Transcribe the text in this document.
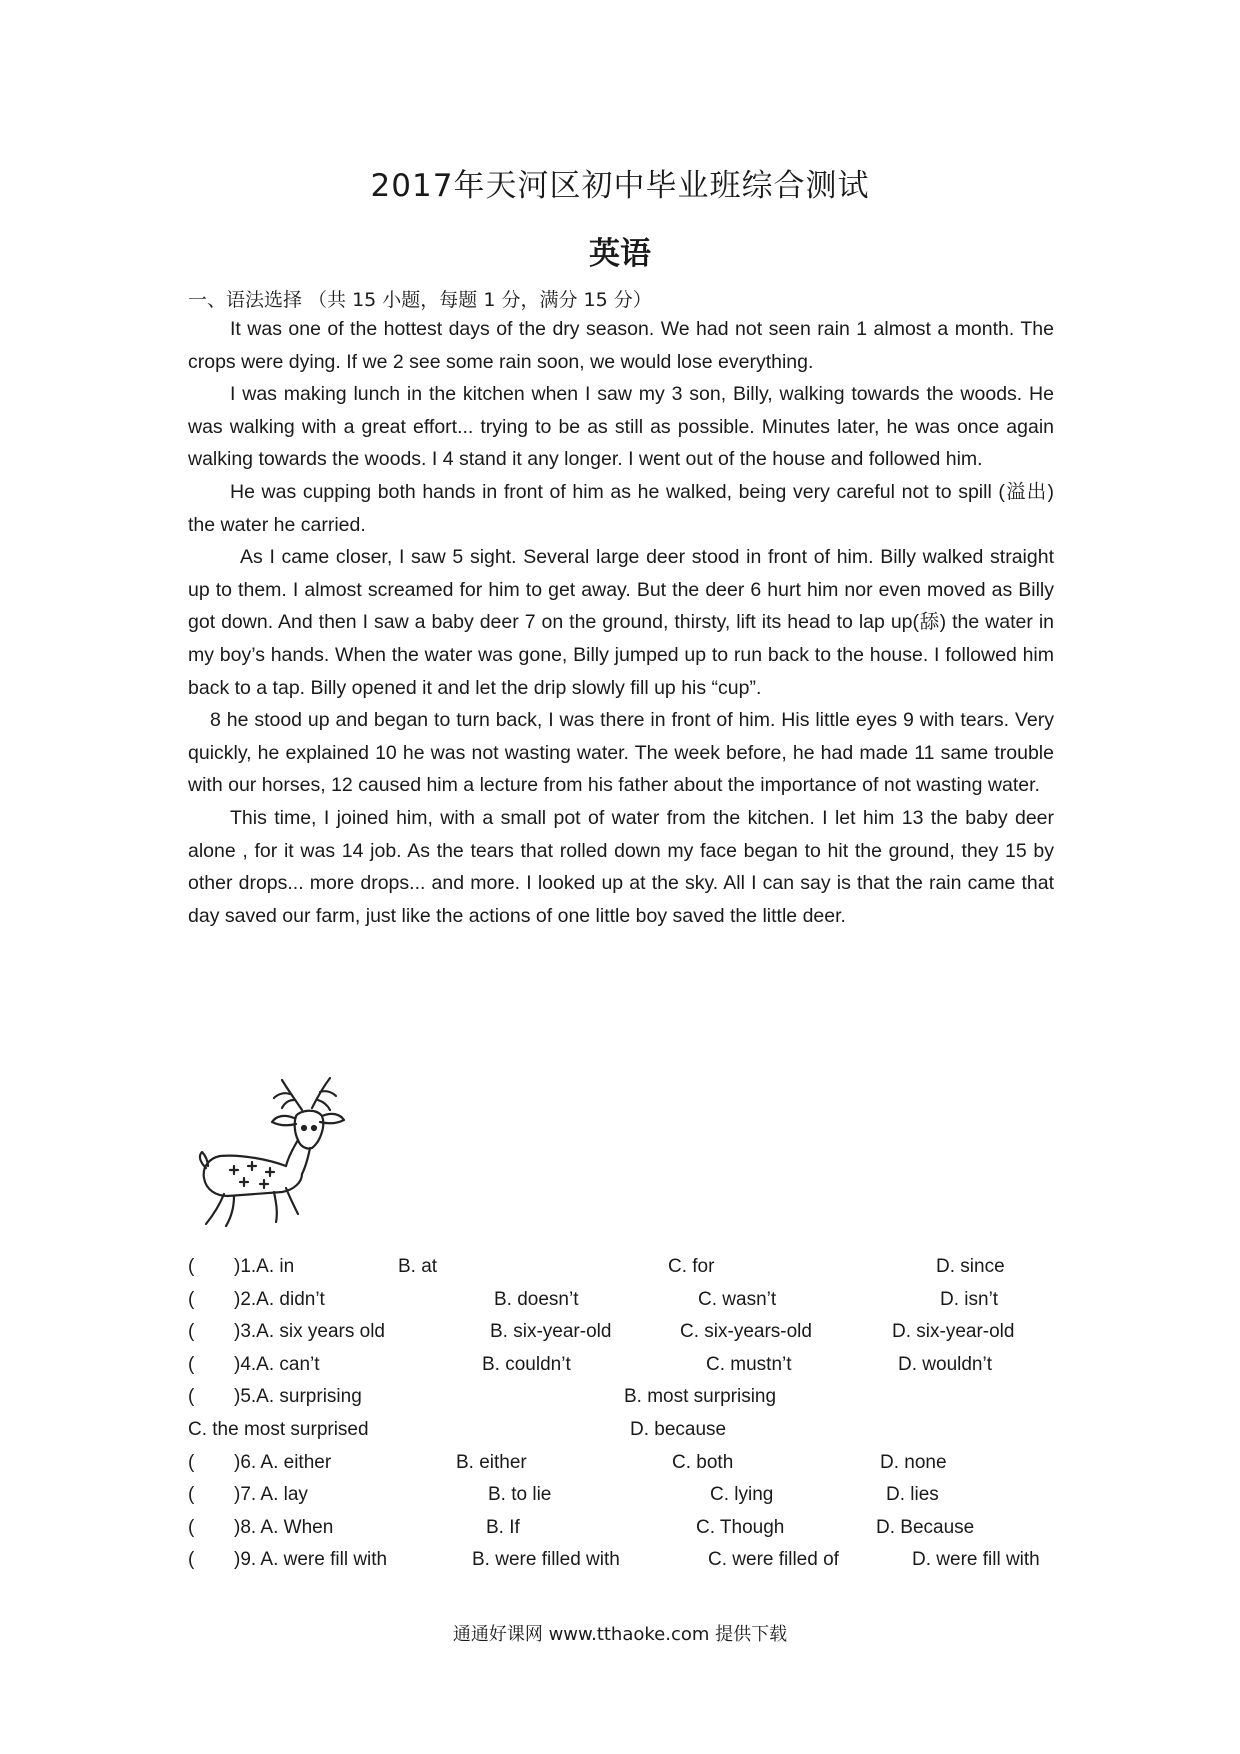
2017年天河区初中毕业班综合测试
英语
一、语法选择 （共 15 小题，每题 1 分，满分 15 分）

It was one of the hottest days of the dry season. We had not seen rain 1 almost a month. The crops were dying. If we 2 see some rain soon, we would lose everything.

I was making lunch in the kitchen when I saw my 3 son, Billy, walking towards the woods. He was walking with a great effort... trying to be as still as possible. Minutes later, he was once again walking towards the woods. I 4 stand it any longer. I went out of the house and followed him.

He was cupping both hands in front of him as he walked, being very careful not to spill (溢出) the water he carried.

As I came closer, I saw 5 sight. Several large deer stood in front of him. Billy walked straight up to them. I almost screamed for him to get away. But the deer 6 hurt him nor even moved as Billy got down. And then I saw a baby deer 7 on the ground, thirsty, lift its head to lap up(舔) the water in my boy’s hands. When the water was gone, Billy jumped up to run back to the house. I followed him back to a tap. Billy opened it and let the drip slowly fill up his “cup”.

8 he stood up and began to turn back, I was there in front of him. His little eyes 9 with tears. Very quickly, he explained 10 he was not wasting water. The week before, he had made 11 same trouble with our horses, 12 caused him a lecture from his father about the importance of not wasting water.

This time, I joined him, with a small pot of water from the kitchen. I let him 13 the baby deer alone , for it was 14 job. As the tears that rolled down my face began to hit the ground, they 15 by other drops... more drops... and more. I looked up at the sky. All I can say is that the rain came that day saved our farm, just like the actions of one little boy saved the little deer.

( )1.A. in	B. at	C. for	D. since
( )2.A. didn’t	B. doesn’t	C. wasn’t	D. isn’t
( )3.A. six years old	B. six-year-old	C. six-years-old	D. six-year-old
( )4.A. can’t	B. couldn’t	C. mustn’t	D. wouldn’t
( )5.A. surprising	B. most surprising
C. the most surprised	D. because
( )6. A. either	B. either	C. both	D. none
( )7. A. lay	B. to lie	C. lying	D. lies
( )8. A. When	B. If	C. Though	D. Because
( )9. A. were fill with	B. were filled with	C. were filled of	D. were fill with
通通好课网 www.tthaoke.com 提供下载
